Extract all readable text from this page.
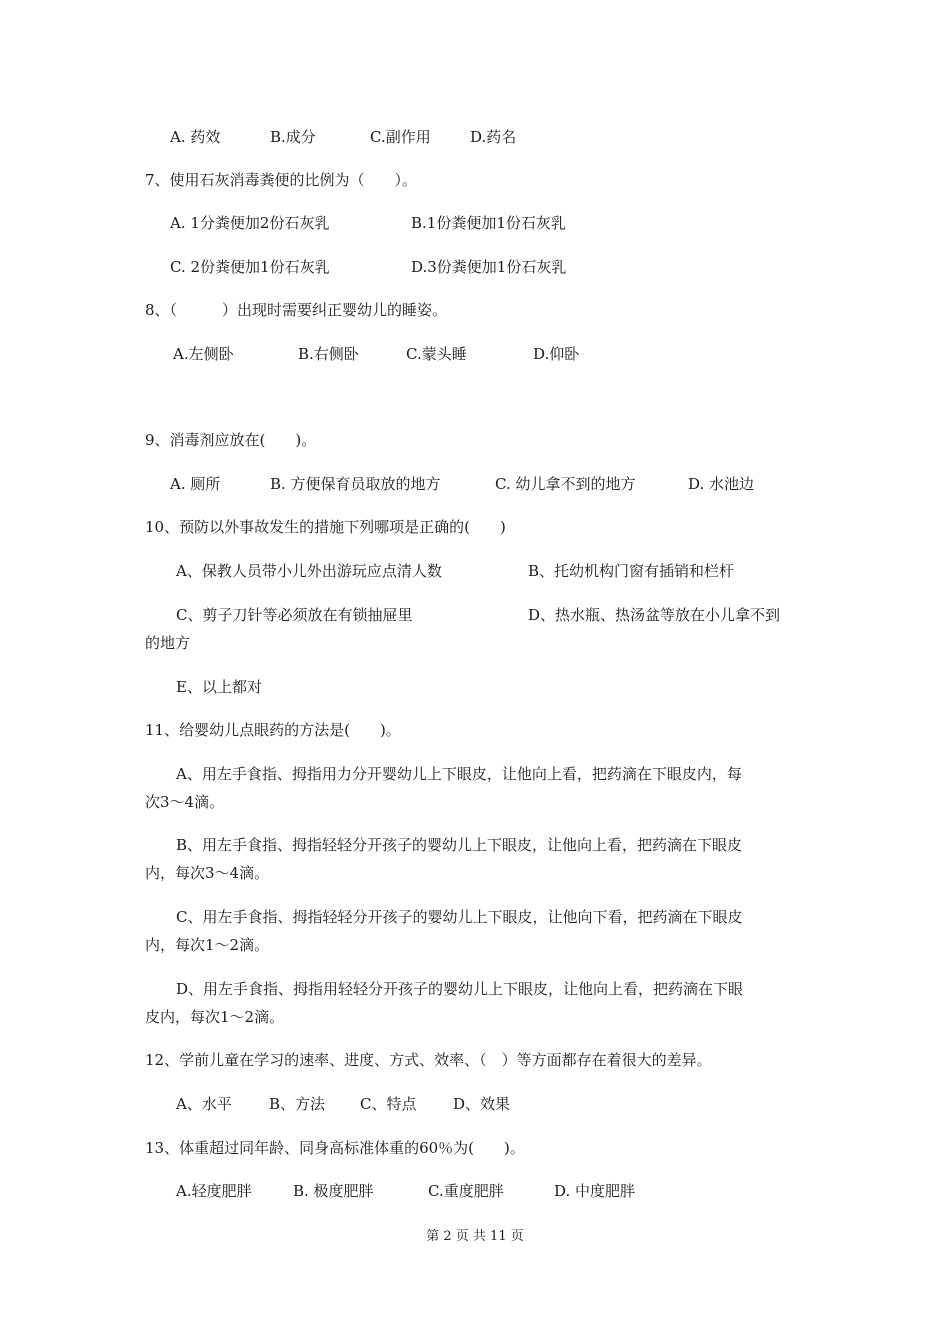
A. 药效	B.成分	C.副作用	D.药名
7、使用石灰消毒粪便的比例为（　　）。
A. 1分粪便加2份石灰乳	B.1份粪便加1份石灰乳
C. 2份粪便加1份石灰乳	D.3份粪便加1份石灰乳
8、（　　　）出现时需要纠正婴幼儿的睡姿。
A.左侧卧	B.右侧卧	C.蒙头睡	D.仰卧
9、消毒剂应放在(　　)。
A. 厕所	B. 方便保育员取放的地方	C. 幼儿拿不到的地方	D. 水池边
10、预防以外事故发生的措施下列哪项是正确的(　　)
A、保教人员带小儿外出游玩应点清人数	B、托幼机构门窗有插销和栏杆
C、剪子刀针等必须放在有锁抽屉里	D、热水瓶、热汤盆等放在小儿拿不到
的地方
E、以上都对
11、给婴幼儿点眼药的方法是(　　)。
A、用左手食指、拇指用力分开婴幼儿上下眼皮，让他向上看，把药滴在下眼皮内，每
次3～4滴。
B、用左手食指、拇指轻轻分开孩子的婴幼儿上下眼皮，让他向上看，把药滴在下眼皮
内，每次3～4滴。
C、用左手食指、拇指轻轻分开孩子的婴幼儿上下眼皮，让他向下看，把药滴在下眼皮
内，每次1～2滴。
D、用左手食指、拇指用轻轻分开孩子的婴幼儿上下眼皮，让他向上看，把药滴在下眼
皮内，每次1～2滴。
12、学前儿童在学习的速率、进度、方式、效率、（　）等方面都存在着很大的差异。
A、水平 B、方法 C、特点 D、效果
13、体重超过同年龄、同身高标准体重的60％为(　　)。
A.轻度肥胖	B. 极度肥胖	C.重度肥胖	D. 中度肥胖
第 2 页 共 11 页
